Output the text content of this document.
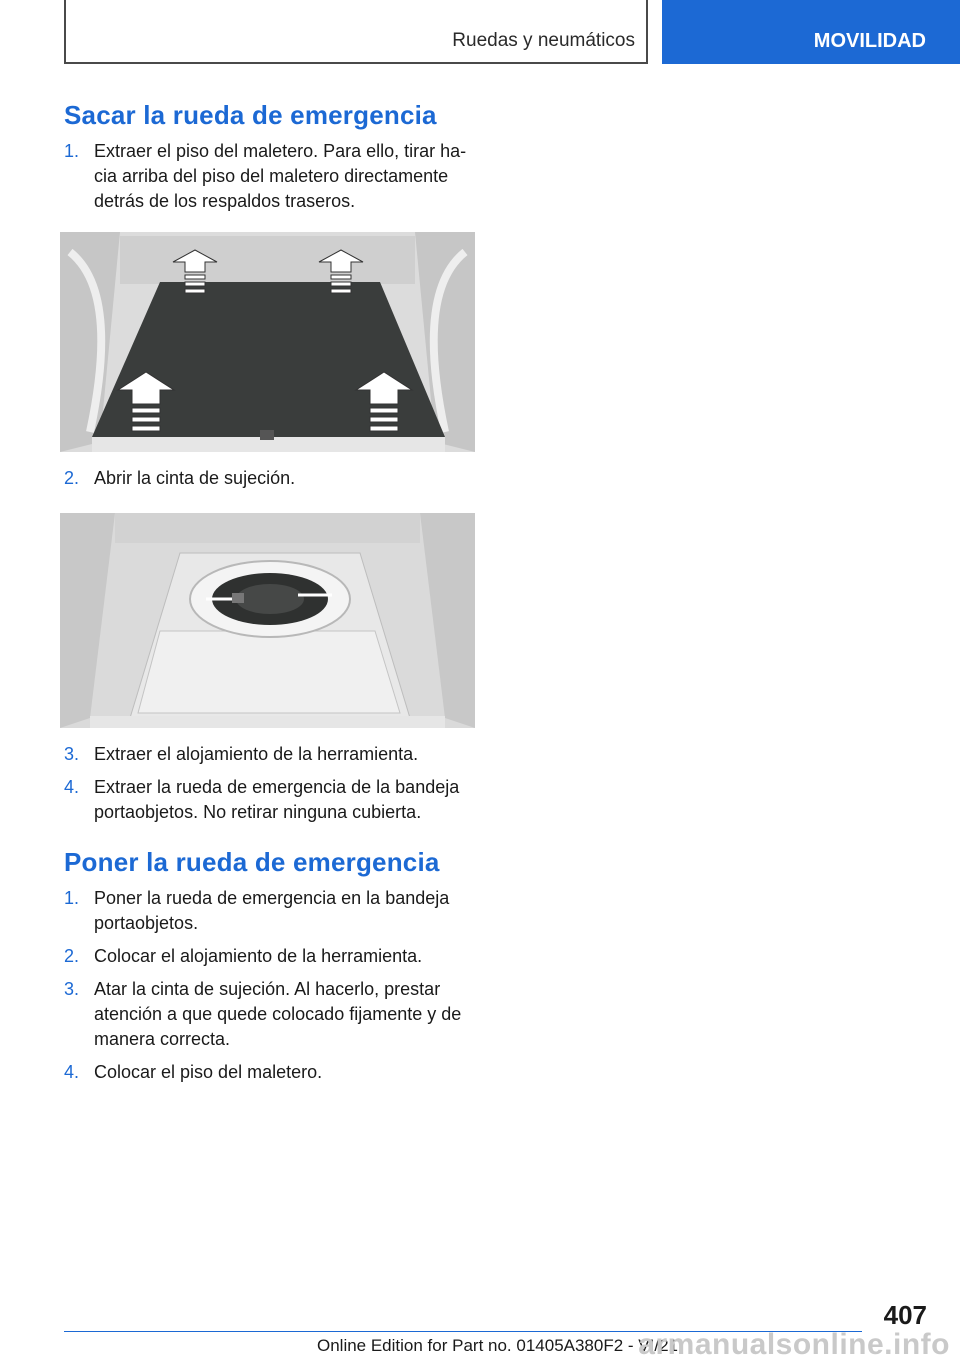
Ruedas y neumáticos	MOVILIDAD
Sacar la rueda de emergencia
1. Extraer el piso del maletero. Para ello, tirar hacia arriba del piso del maletero directamente detrás de los respaldos traseros.
2. Abrir la cinta de sujeción.
3. Extraer el alojamiento de la herramienta.
4. Extraer la rueda de emergencia de la bandeja portaobjetos. No retirar ninguna cubierta.
Poner la rueda de emergencia
1. Poner la rueda de emergencia en la bandeja portaobjetos.
2. Colocar el alojamiento de la herramienta.
3. Atar la cinta de sujeción. Al hacerlo, prestar atención a que quede colocado fijamente y de manera correcta.
4. Colocar el piso del maletero.
407
Online Edition for Part no. 01405A380F2 - VI/21
armanualsonline.info
